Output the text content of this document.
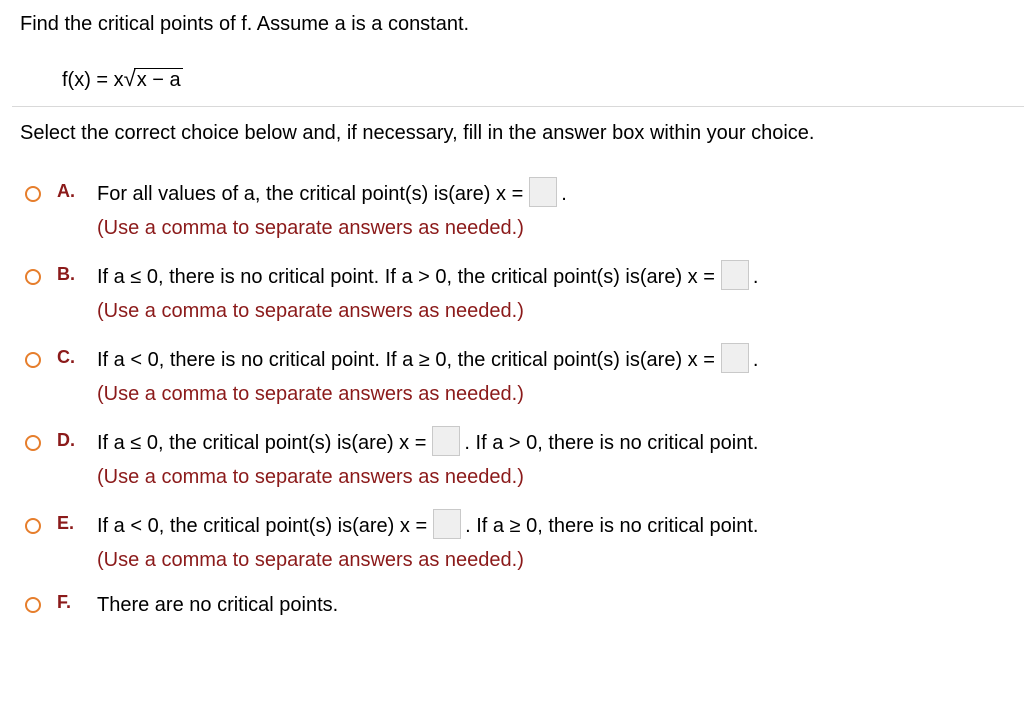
Find the critical points of f. Assume a is a constant.
f(x) = x√x − a
Select the correct choice below and, if necessary, fill in the answer box within your choice.
A. For all values of a, the critical point(s) is(are) x = .
(Use a comma to separate answers as needed.)
B. If a ≤ 0, there is no critical point. If a > 0, the critical point(s) is(are) x = .
(Use a comma to separate answers as needed.)
C. If a < 0, there is no critical point. If a ≥ 0, the critical point(s) is(are) x = .
(Use a comma to separate answers as needed.)
D. If a ≤ 0, the critical point(s) is(are) x = . If a > 0, there is no critical point.
(Use a comma to separate answers as needed.)
E. If a < 0, the critical point(s) is(are) x = . If a ≥ 0, there is no critical point.
(Use a comma to separate answers as needed.)
F. There are no critical points.
